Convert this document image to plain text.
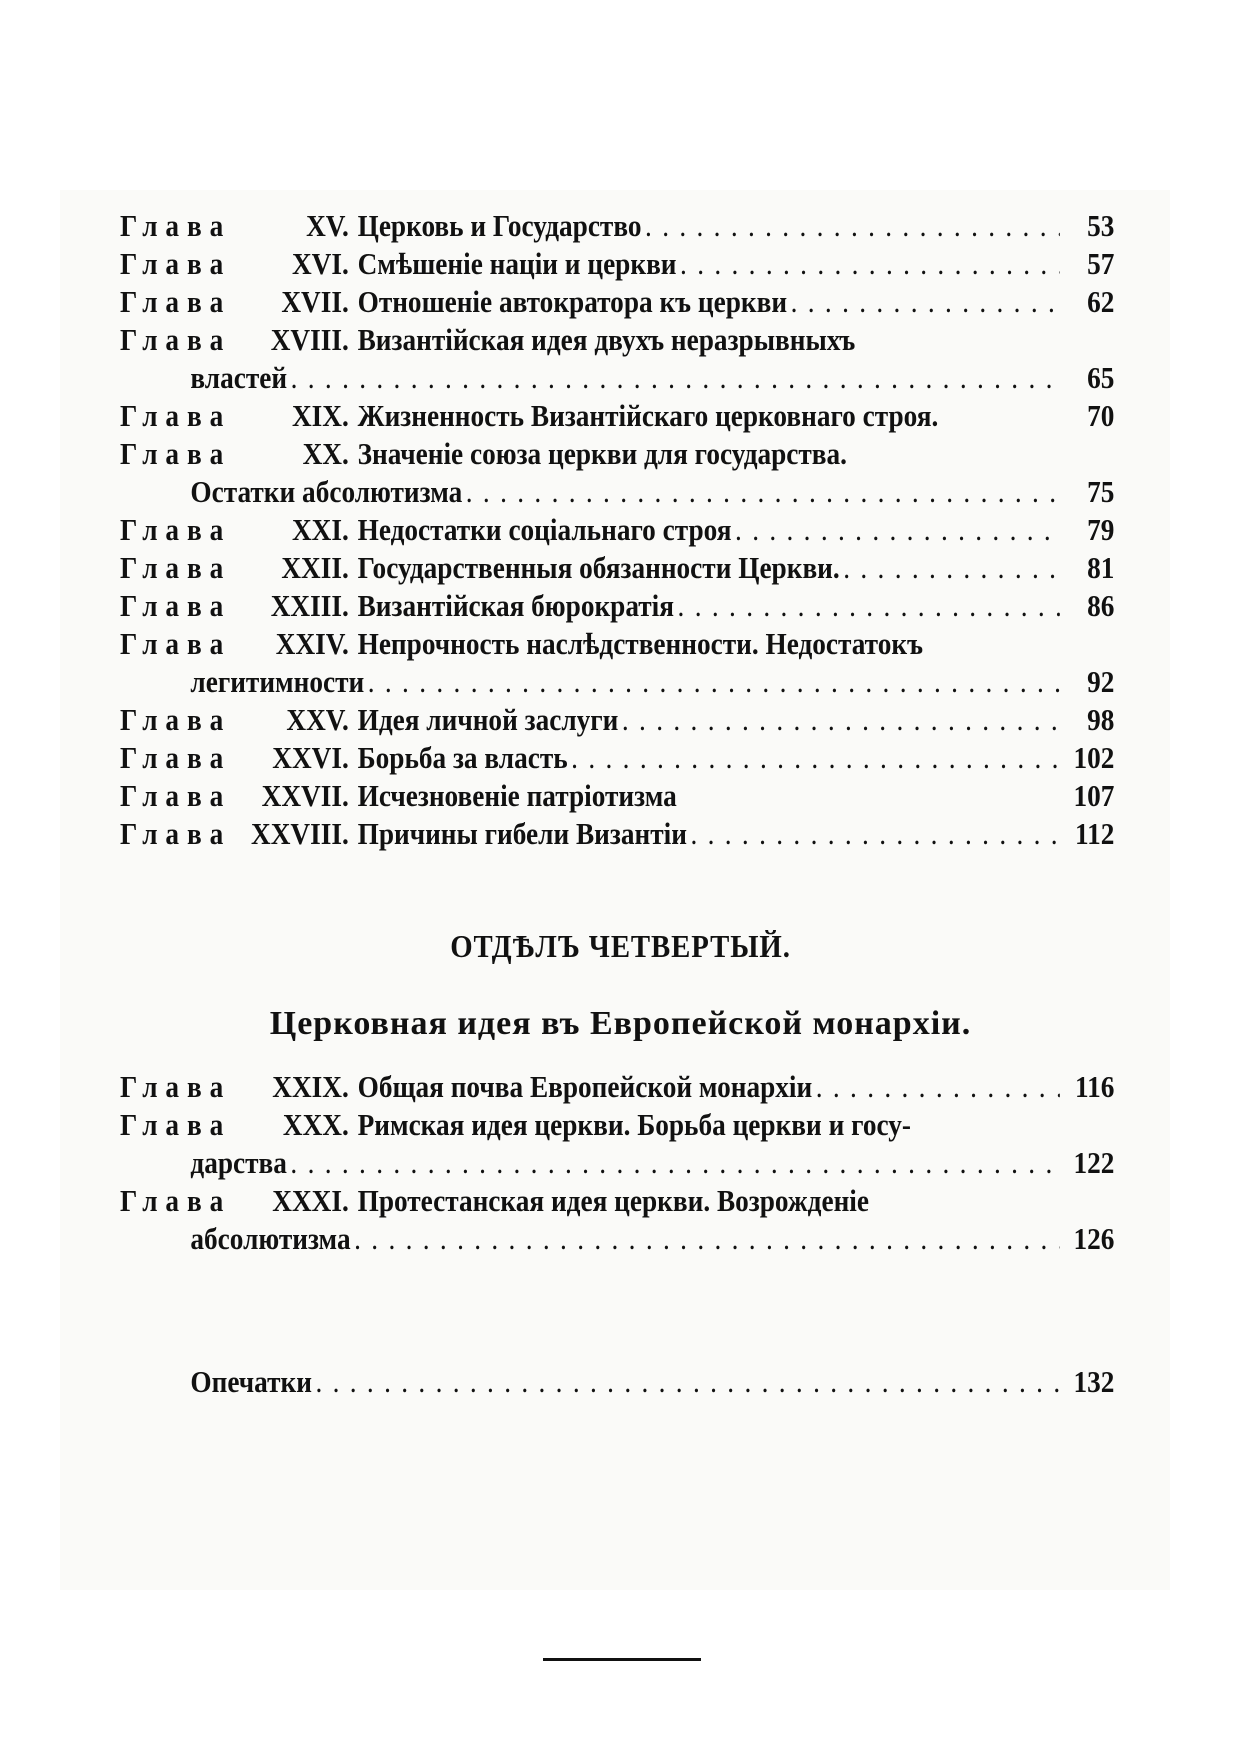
Глава	XV. Церковь и Государство . . .	53
Глава	XVI. Смѣшеніе націи и церкви . . .	57
Глава	XVII. Отношеніе автократора къ церкви . . .	62
Глава	XVIII. Византійская идея двухъ неразрывныхъ
властей . . .	65
Глава	XIX. Жизненность Византійскаго церковнаго строя.	70
Глава	XX. Значеніе союза церкви для государства.
Остатки абсолютизма . . .	75
Глава	XXI. Недостатки соціальнаго строя . . .	79
Глава	XXII. Государственныя обязанности Церкви. . . .	81
Глава	XXIII. Византійская бюрократія . . .	86
Глава	XXIV. Непрочность наслѣдственности. Недостатокъ
легитимности . . .	92
Глава	XXV. Идея личной заслуги . . .	98
Глава	XXVI. Борьба за власть . . .	102
Глава XXVII. Исчезновеніе патріотизма	107
Глава XXVIII. Причины гибели Византіи . . .	112
ОТДѢЛЪ ЧЕТВЕРТЫЙ.
Церковная идея въ Европейской монархіи.
Глава	XXIX. Общая почва Европейской монархіи . . .	116
Глава	XXX. Римская идея церкви. Борьба церкви и госу-
дарства . . .	122
Глава	XXXI. Протестанская идея церкви. Возрожденіе
абсолютизма . . .	126
Опечатки . . .	132
